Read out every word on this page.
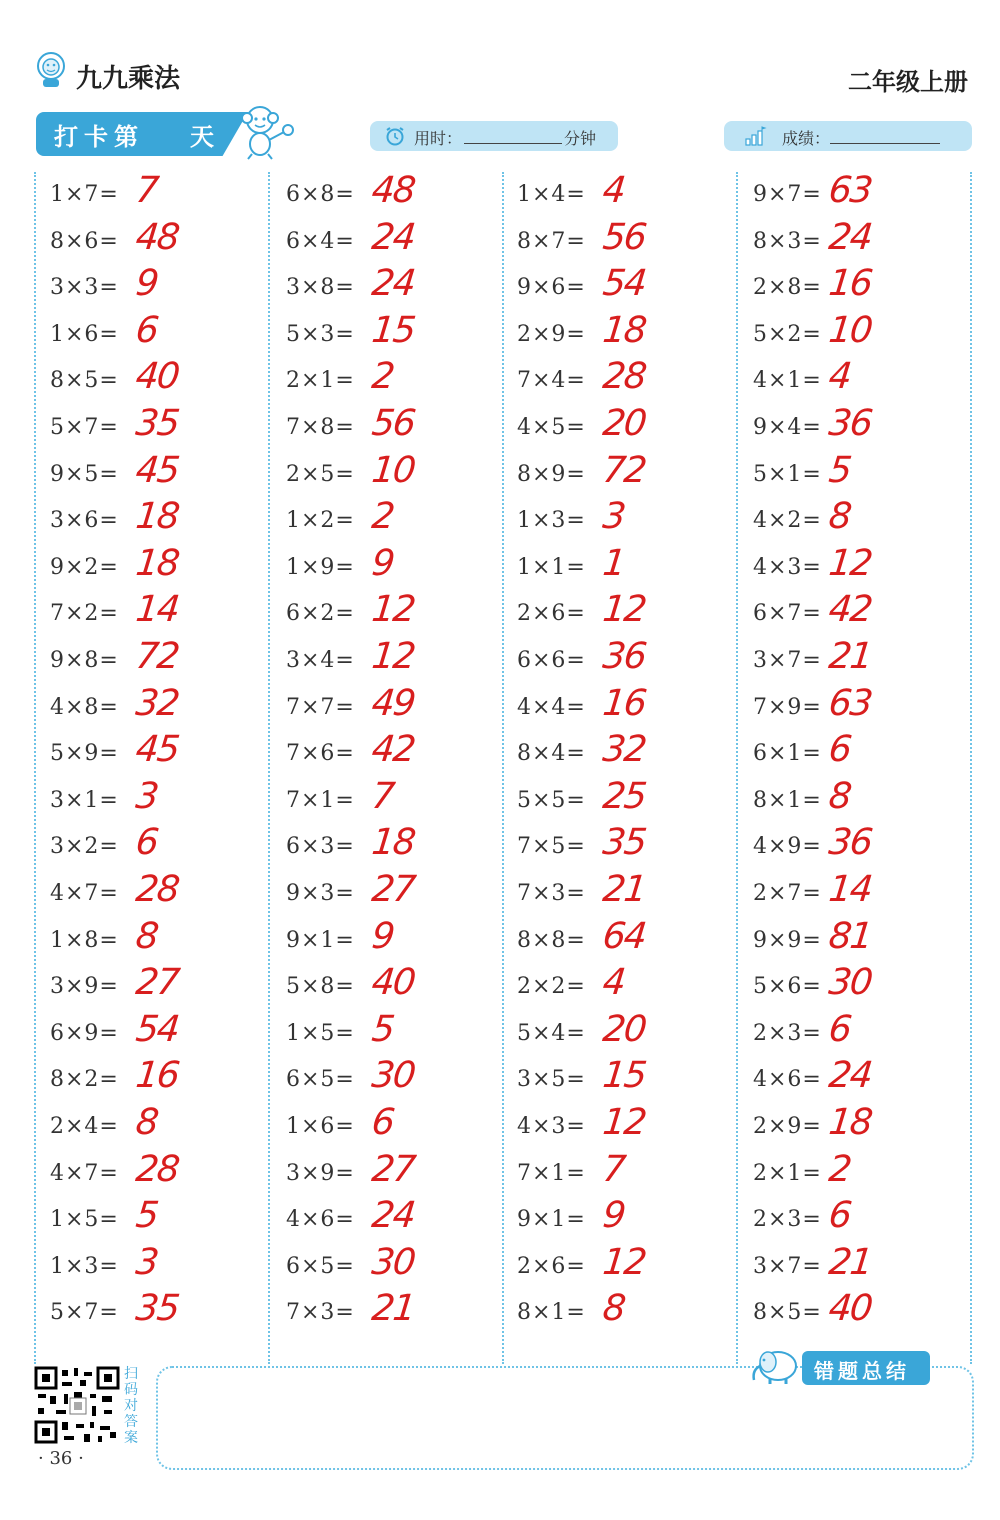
九九乘法	二年级上册
打卡第 天	用时：	分钟	成绩：
1×7= 7
8×6= 48
3×3= 9
1×6= 6
8×5= 40
5×7= 35
9×5= 45
3×6= 18
9×2= 18
7×2= 14
9×8= 72
4×8= 32
5×9= 45
3×1= 3
3×2= 6
4×7= 28
1×8= 8
3×9= 27
6×9= 54
8×2= 16
2×4= 8
4×7= 28
1×5= 5
1×3= 3
5×7= 35
6×8= 48
6×4= 24
3×8= 24
5×3= 15
2×1= 2
7×8= 56
2×5= 10
1×2= 2
1×9= 9
6×2= 12
3×4= 12
7×7= 49
7×6= 42
7×1= 7
6×3= 18
9×3= 27
9×1= 9
5×8= 40
1×5= 5
6×5= 30
1×6= 6
3×9= 27
4×6= 24
6×5= 30
7×3= 21
1×4= 4
8×7= 56
9×6= 54
2×9= 18
7×4= 28
4×5= 20
8×9= 72
1×3= 3
1×1= 1
2×6= 12
6×6= 36
4×4= 16
8×4= 32
5×5= 25
7×5= 35
7×3= 21
8×8= 64
2×2= 4
5×4= 20
3×5= 15
4×3= 12
7×1= 7
9×1= 9
2×6= 12
8×1= 8
9×7= 63
8×3= 24
2×8= 16
5×2= 10
4×1= 4
9×4= 36
5×1= 5
4×2= 8
4×3= 12
6×7= 42
3×7= 21
7×9= 63
6×1= 6
8×1= 8
4×9= 36
2×7= 14
9×9= 81
5×6= 30
2×3= 6
4×6= 24
2×9= 18
2×1= 2
2×3= 6
3×7= 21
8×5= 40
扫码对答案
· 36 ·
错题总结
